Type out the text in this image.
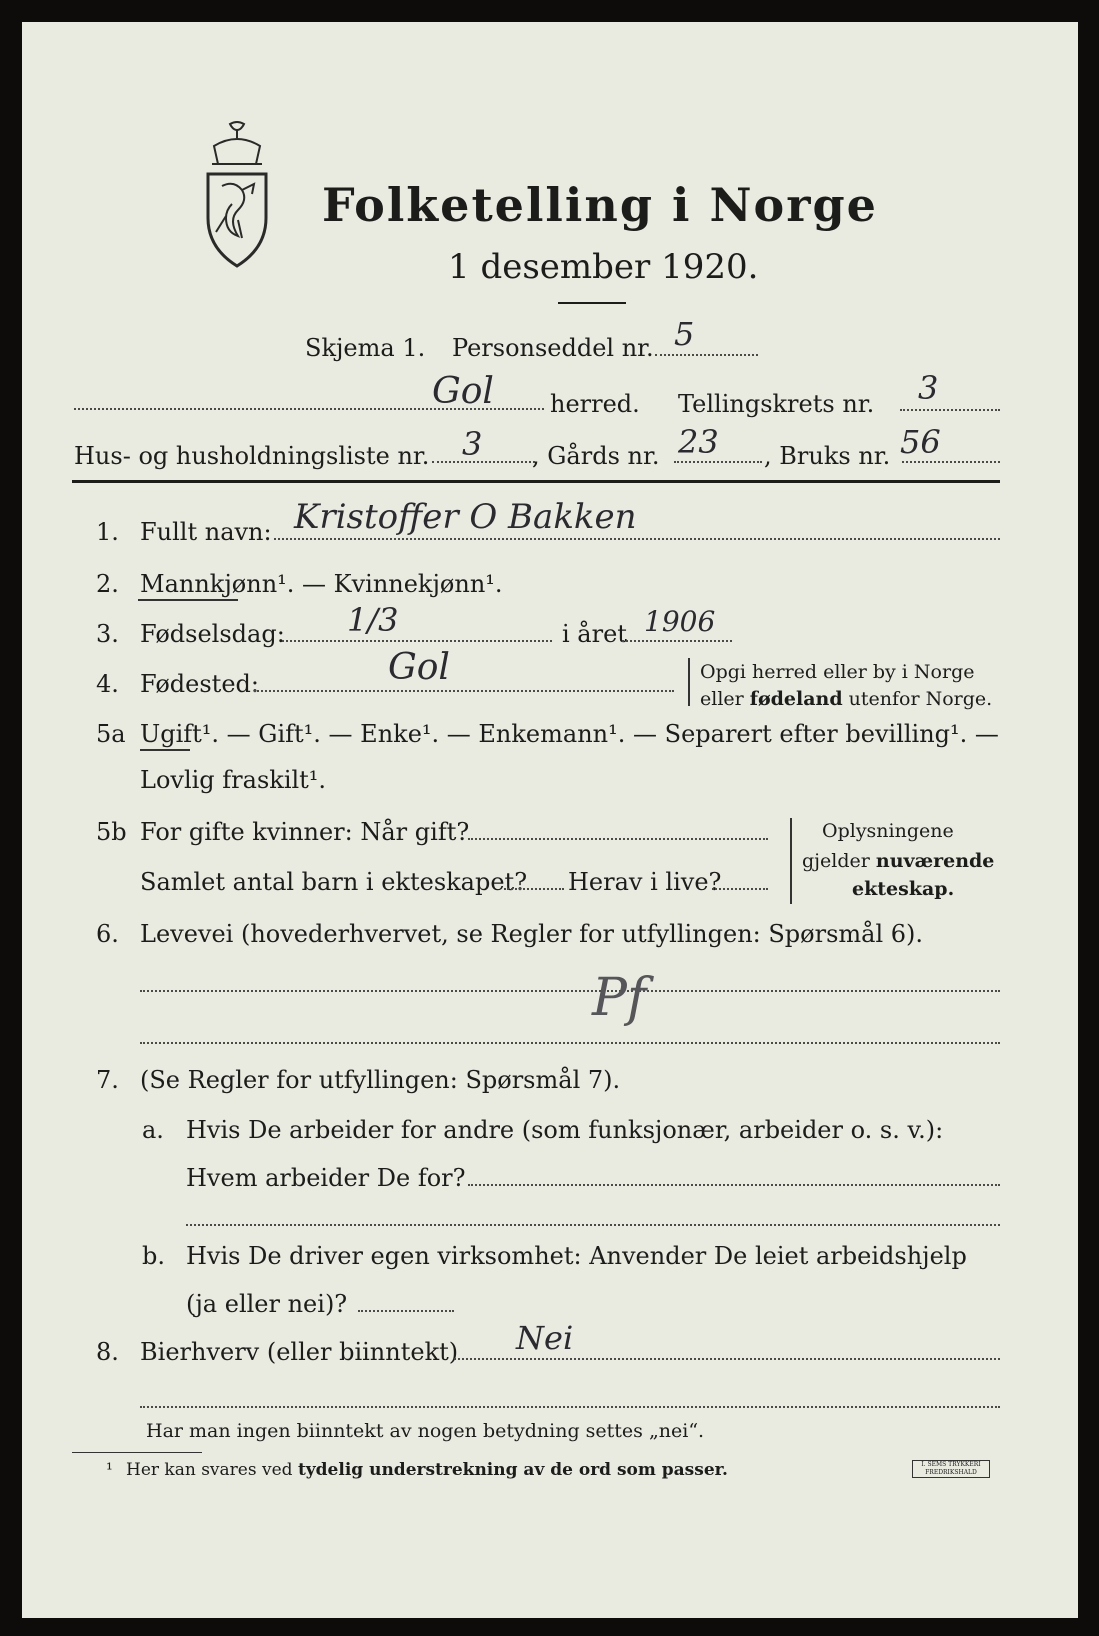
Folketelling i Norge
1 desember 1920.
Skjema 1. Personseddel nr. 5
Gol herred. Tellingskrets nr. 3
Hus- og husholdningsliste nr. 3 , Gårds nr. 23 , Bruks nr. 56
1. Fullt navn: Kristoffer O Bakken
2. Mannkjønn¹. — Kvinnekjønn¹.
3. Fødselsdag: 1/3	i året 1906
4. Fødested:	Gol	Opgi herred eller by i Norge
eller fødeland utenfor Norge.
5a Ugift¹. — Gift¹. — Enke¹. — Enkemann¹. — Separert efter bevilling¹. —
Lovlig fraskilt¹.
5b For gifte kvinner: Når gift?
Samlet antal barn i ekteskapet? Herav i live?
Oplysningene
gjelder nuværende
ekteskap.
6. Levevei (hovederhvervet, se Regler for utfyllingen: Spørsmål 6).
Pf
7. (Se Regler for utfyllingen: Spørsmål 7).
a. Hvis De arbeider for andre (som funksjonær, arbeider o. s. v.):
Hvem arbeider De for?
b. Hvis De driver egen virksomhet: Anvender De leiet arbeidshjelp
(ja eller nei)?
8. Bierhverv (eller biinntekt) Nei
Har man ingen biinntekt av nogen betydning settes „nei“.
¹ Her kan svares ved tydelig understrekning av de ord som passer.	I. SEMS TRYKKERI FREDRIKSHALD
